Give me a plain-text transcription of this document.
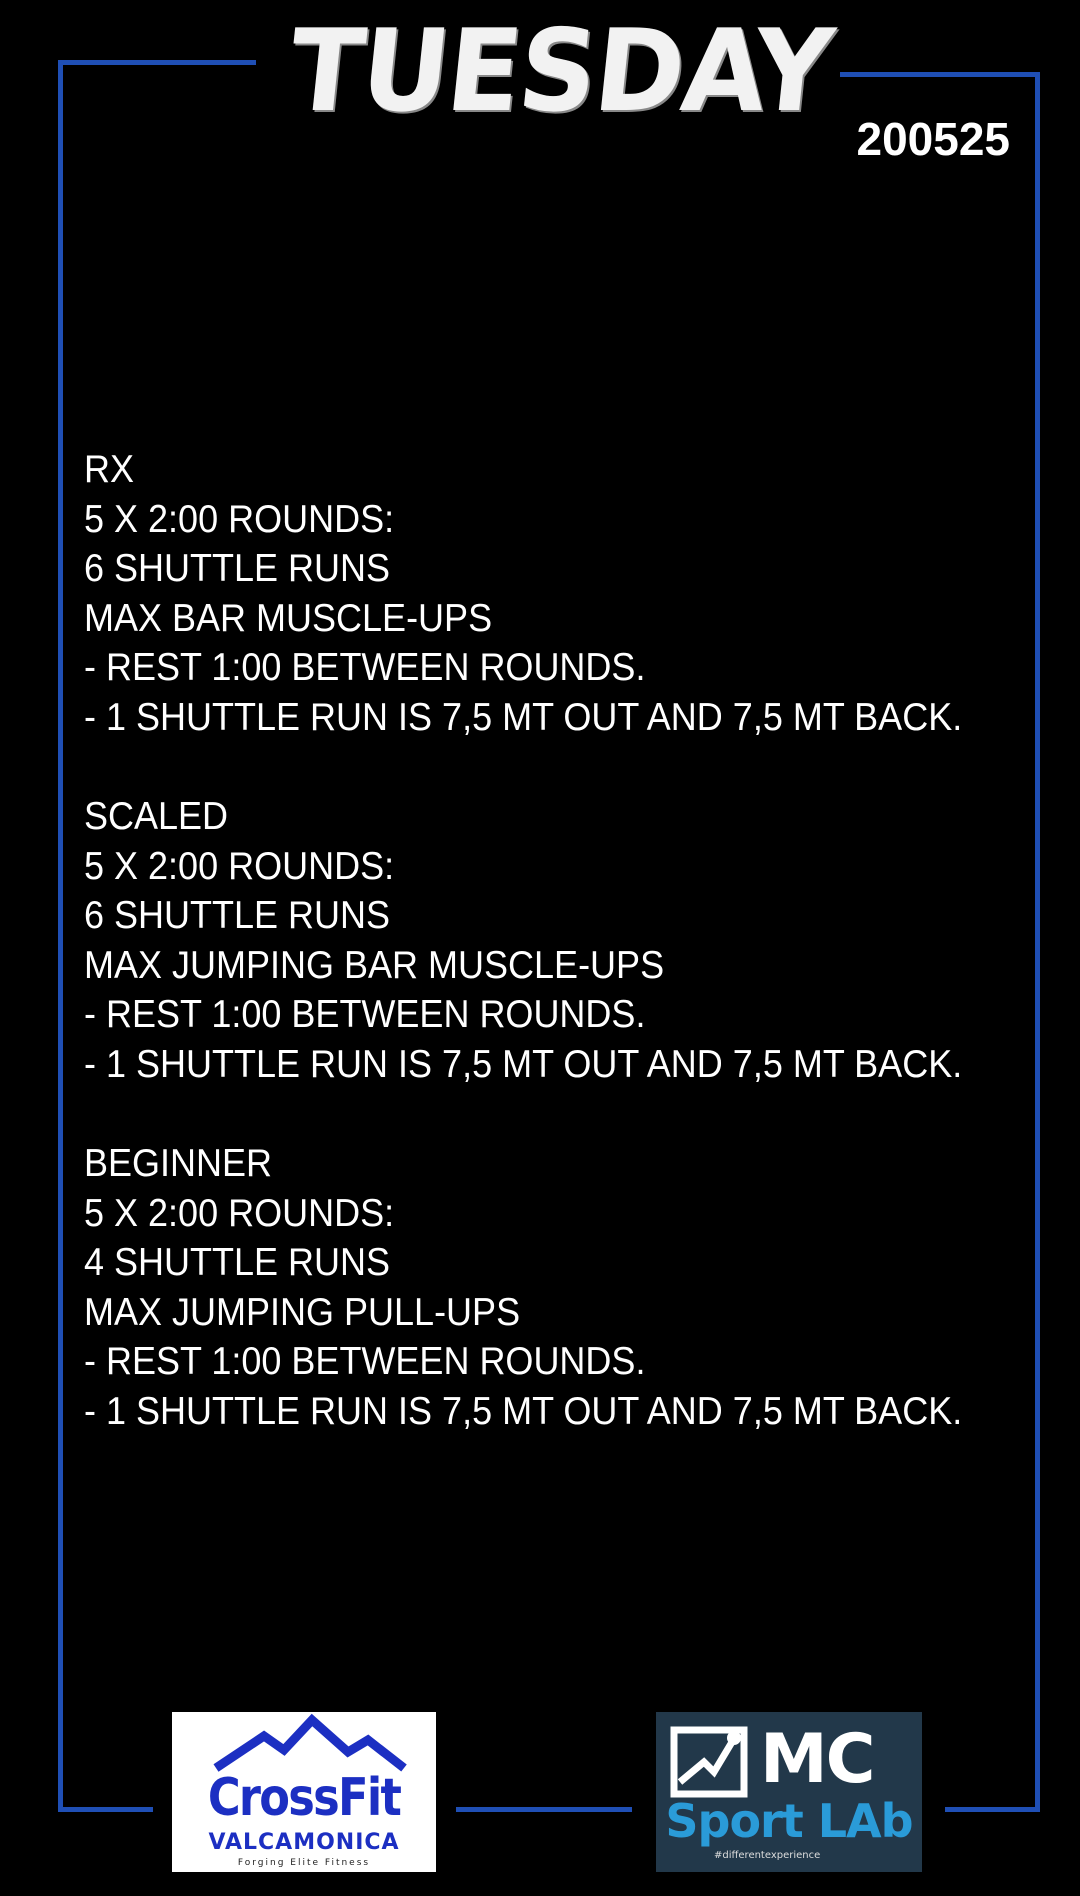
TUESDAY
200525
RX
5 X 2:00 ROUNDS:
6 SHUTTLE RUNS
MAX BAR MUSCLE-UPS
- REST 1:00 BETWEEN ROUNDS.
- 1 SHUTTLE RUN IS 7,5 MT OUT AND 7,5 MT BACK.
SCALED
5 X 2:00 ROUNDS:
6 SHUTTLE RUNS
MAX JUMPING BAR MUSCLE-UPS
- REST 1:00 BETWEEN ROUNDS.
- 1 SHUTTLE RUN IS 7,5 MT OUT AND 7,5 MT BACK.
BEGINNER
5 X 2:00 ROUNDS:
4 SHUTTLE RUNS
MAX JUMPING PULL-UPS
- REST 1:00 BETWEEN ROUNDS.
- 1 SHUTTLE RUN IS 7,5 MT OUT AND 7,5 MT BACK.
CrossFit
VALCAMONICA
Forging Elite Fitness
MC
Sport LAb
#differentexperience
